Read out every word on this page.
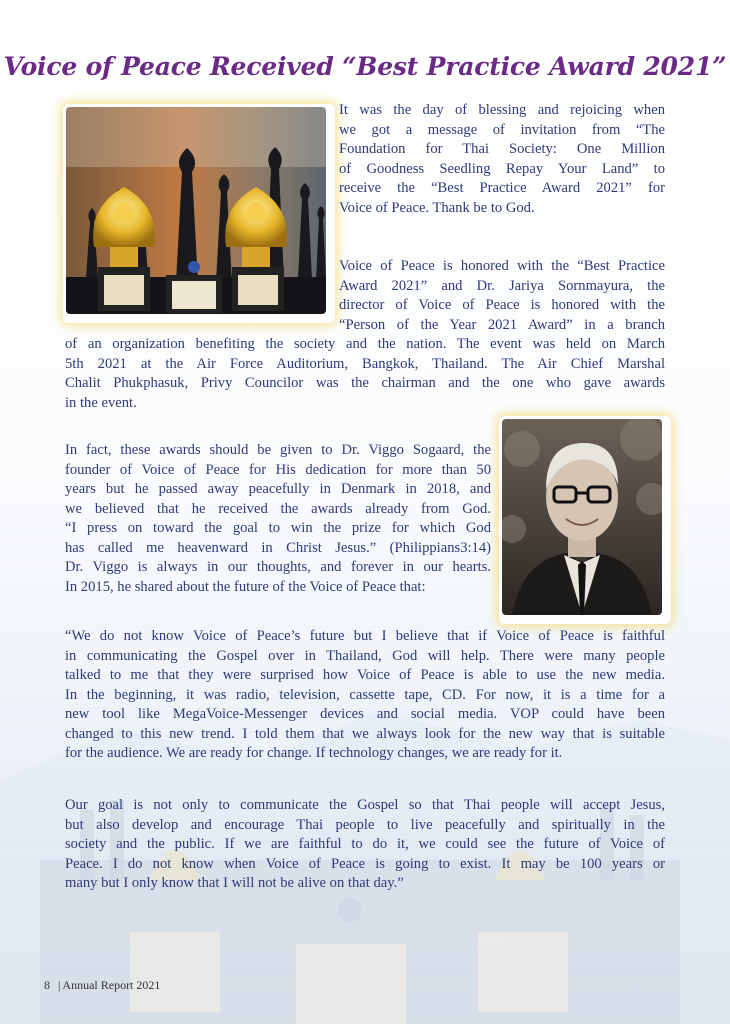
Voice of Peace Received “Best Practice Award 2021”
It was the day of blessing and rejoicing when
we got a message of invitation from “The
Foundation for Thai Society: One Million
of Goodness Seedling Repay Your Land” to
receive the “Best Practice Award 2021” for
Voice of Peace. Thank be to God.
Voice of Peace is honored with the “Best Practice
Award 2021” and Dr. Jariya Sornmayura, the
director of Voice of Peace is honored with the
“Person of the Year 2021 Award” in a branch
of an organization benefiting the society and the nation. The event was held on March
5th 2021 at the Air Force Auditorium, Bangkok, Thailand. The Air Chief Marshal
Chalit Phukphasuk, Privy Councilor was the chairman and the one who gave awards
in the event.
In fact, these awards should be given to Dr. Viggo Sogaard, the
founder of Voice of Peace for His dedication for more than 50
years but he passed away peacefully in Denmark in 2018, and
we believed that he received the awards already from God.
“I press on toward the goal to win the prize for which God
has called me heavenward in Christ Jesus.” (Philippians3:14)
Dr. Viggo is always in our thoughts, and forever in our hearts.
In 2015, he shared about the future of the Voice of Peace that:
“We do not know Voice of Peace’s future but I believe that if Voice of Peace is faithful
in communicating the Gospel over in Thailand, God will help. There were many people
talked to me that they were surprised how Voice of Peace is able to use the new media.
In the beginning, it was radio, television, cassette tape, CD. For now, it is a time for a
new tool like MegaVoice-Messenger devices and social media. VOP could have been
changed to this new trend. I told them that we always look for the new way that is suitable
for the audience. We are ready for change. If technology changes, we are ready for it.
Our goal is not only to communicate the Gospel so that Thai people will accept Jesus,
but also develop and encourage Thai people to live peacefully and spiritually in the
society and the public. If we are faithful to do it, we could see the future of Voice of
Peace. I do not know when Voice of Peace is going to exist. It may be 100 years or
many but I only know that I will not be alive on that day.”
8 | Annual Report 2021
